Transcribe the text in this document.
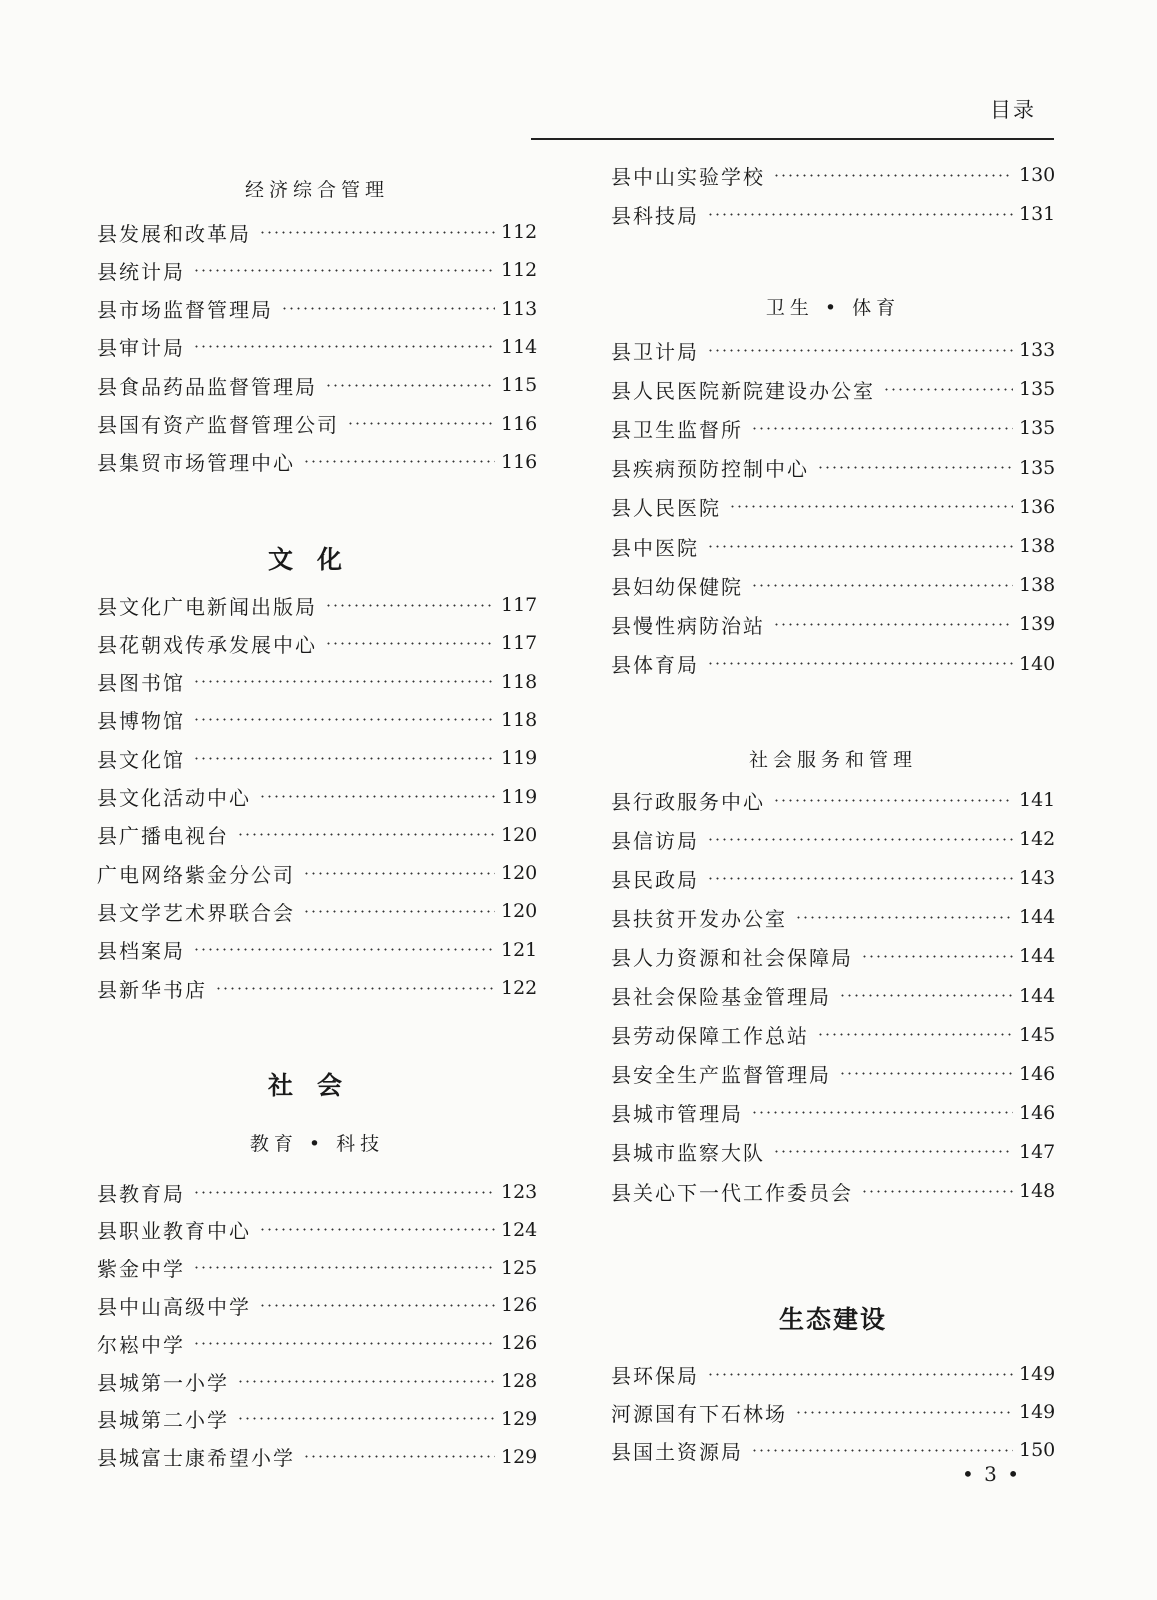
目录
经济综合管理
文化
社会
教育 • 科技
县发展和改革局	112
县统计局	112
县市场监督管理局	113
县审计局	114
县食品药品监督管理局	115
县国有资产监督管理公司	116
县集贸市场管理中心	116
县文化广电新闻出版局	117
县花朝戏传承发展中心	117
县图书馆	118
县博物馆	118
县文化馆	119
县文化活动中心	119
县广播电视台	120
广电网络紫金分公司	120
县文学艺术界联合会	120
县档案局	121
县新华书店	122
县教育局	123
县职业教育中心	124
紫金中学	125
县中山高级中学	126
尔崧中学	126
县城第一小学	128
县城第二小学	129
县城富士康希望小学	129
卫生 • 体育
社会服务和管理
生态建设
县中山实验学校	130
县科技局	131
县卫计局	133
县人民医院新院建设办公室	135
县卫生监督所	135
县疾病预防控制中心	135
县人民医院	136
县中医院	138
县妇幼保健院	138
县慢性病防治站	139
县体育局	140
县行政服务中心	141
县信访局	142
县民政局	143
县扶贫开发办公室	144
县人力资源和社会保障局	144
县社会保险基金管理局	144
县劳动保障工作总站	145
县安全生产监督管理局	146
县城市管理局	146
县城市监察大队	147
县关心下一代工作委员会	148
县环保局	149
河源国有下石林场	149
县国土资源局	150
• 3 •
